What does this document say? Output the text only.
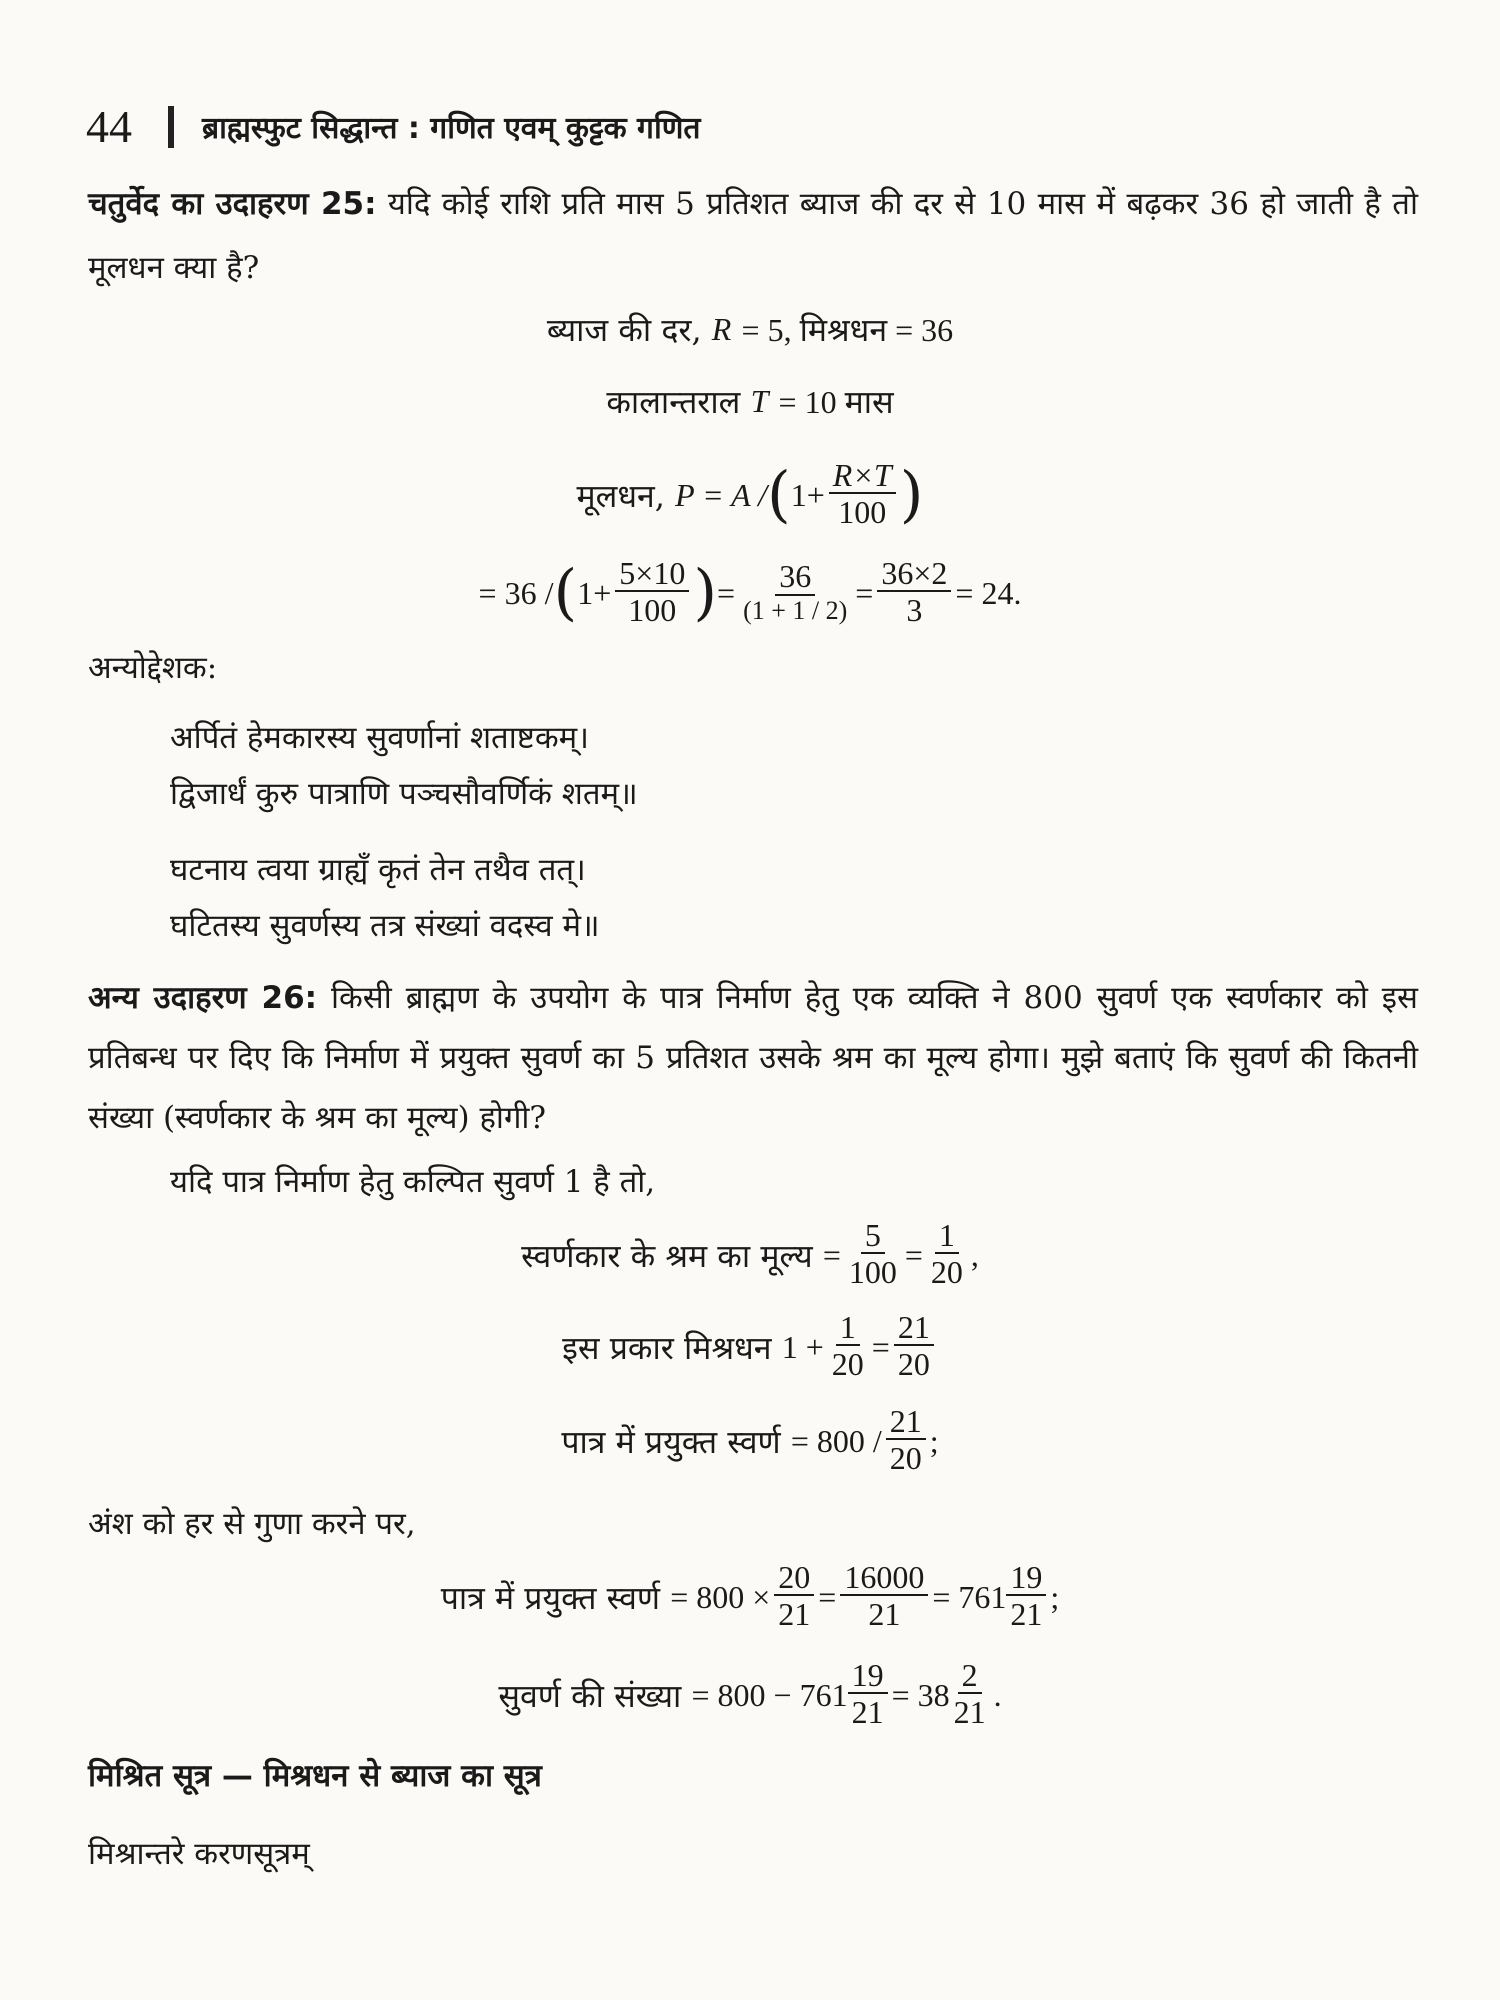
44 ब्राह्मस्फुट सिद्धान्त : गणित एवम् कुट्टक गणित
चतुर्वेद का उदाहरण 25: यदि कोई राशि प्रति मास 5 प्रतिशत ब्याज की दर से 10 मास में बढ़कर 36 हो जाती है तो मूलधन क्या है?
ब्याज की दर,
R
= 5, मिश्रधन = 36
कालान्तराल
T
= 10 मास
मूलधन,
P = A / ( $1+ \frac{R\times T}{100}$ )
= 36 / ( $1+ \frac{5\times 10}{100}$ ) = $\frac{36}{(1 + 1 / 2)} = \frac{36\times 2}{3} = 24$.
अन्योद्देशक:
अर्पितं हेमकारस्य सुवर्णानां शताष्टकम्।
द्विजार्धं कुरु पात्राणि पञ्चसौवर्णिकं शतम्॥
घटनाय त्वया ग्राह्यँ कृतं तेन तथैव तत्।
घटितस्य सुवर्णस्य तत्र संख्यां वदस्व मे॥
अन्य उदाहरण 26: किसी ब्राह्मण के उपयोग के पात्र निर्माण हेतु एक व्यक्ति ने 800 सुवर्ण एक स्वर्णकार को इस प्रतिबन्ध पर दिए कि निर्माण में प्रयुक्त सुवर्ण का 5 प्रतिशत उसके श्रम का मूल्य होगा। मुझे बताएं कि सुवर्ण की कितनी संख्या (स्वर्णकार के श्रम का मूल्य) होगी?
यदि पात्र निर्माण हेतु कल्पित सुवर्ण 1 है तो,
स्वर्णकार के श्रम का मूल्य
= $\frac{5}{100} = \frac{1}{20}$ ,
इस प्रकार मिश्रधन
$1 + \frac{1}{20} = \frac{21}{20}$
पात्र में प्रयुक्त स्वर्ण
= $800 / \frac{21}{20}$ ;
अंश को हर से गुणा करने पर,
पात्र में प्रयुक्त स्वर्ण
= $800 \times \frac{20}{21} = \frac{16000}{21} = 761 \frac{19}{21}$ ;
सुवर्ण की संख्या
= $800 - 761 \frac{19}{21} = 38 \frac{2}{21}$ .
मिश्रित सूत्र — मिश्रधन से ब्याज का सूत्र
मिश्रान्तरे करणसूत्रम्
